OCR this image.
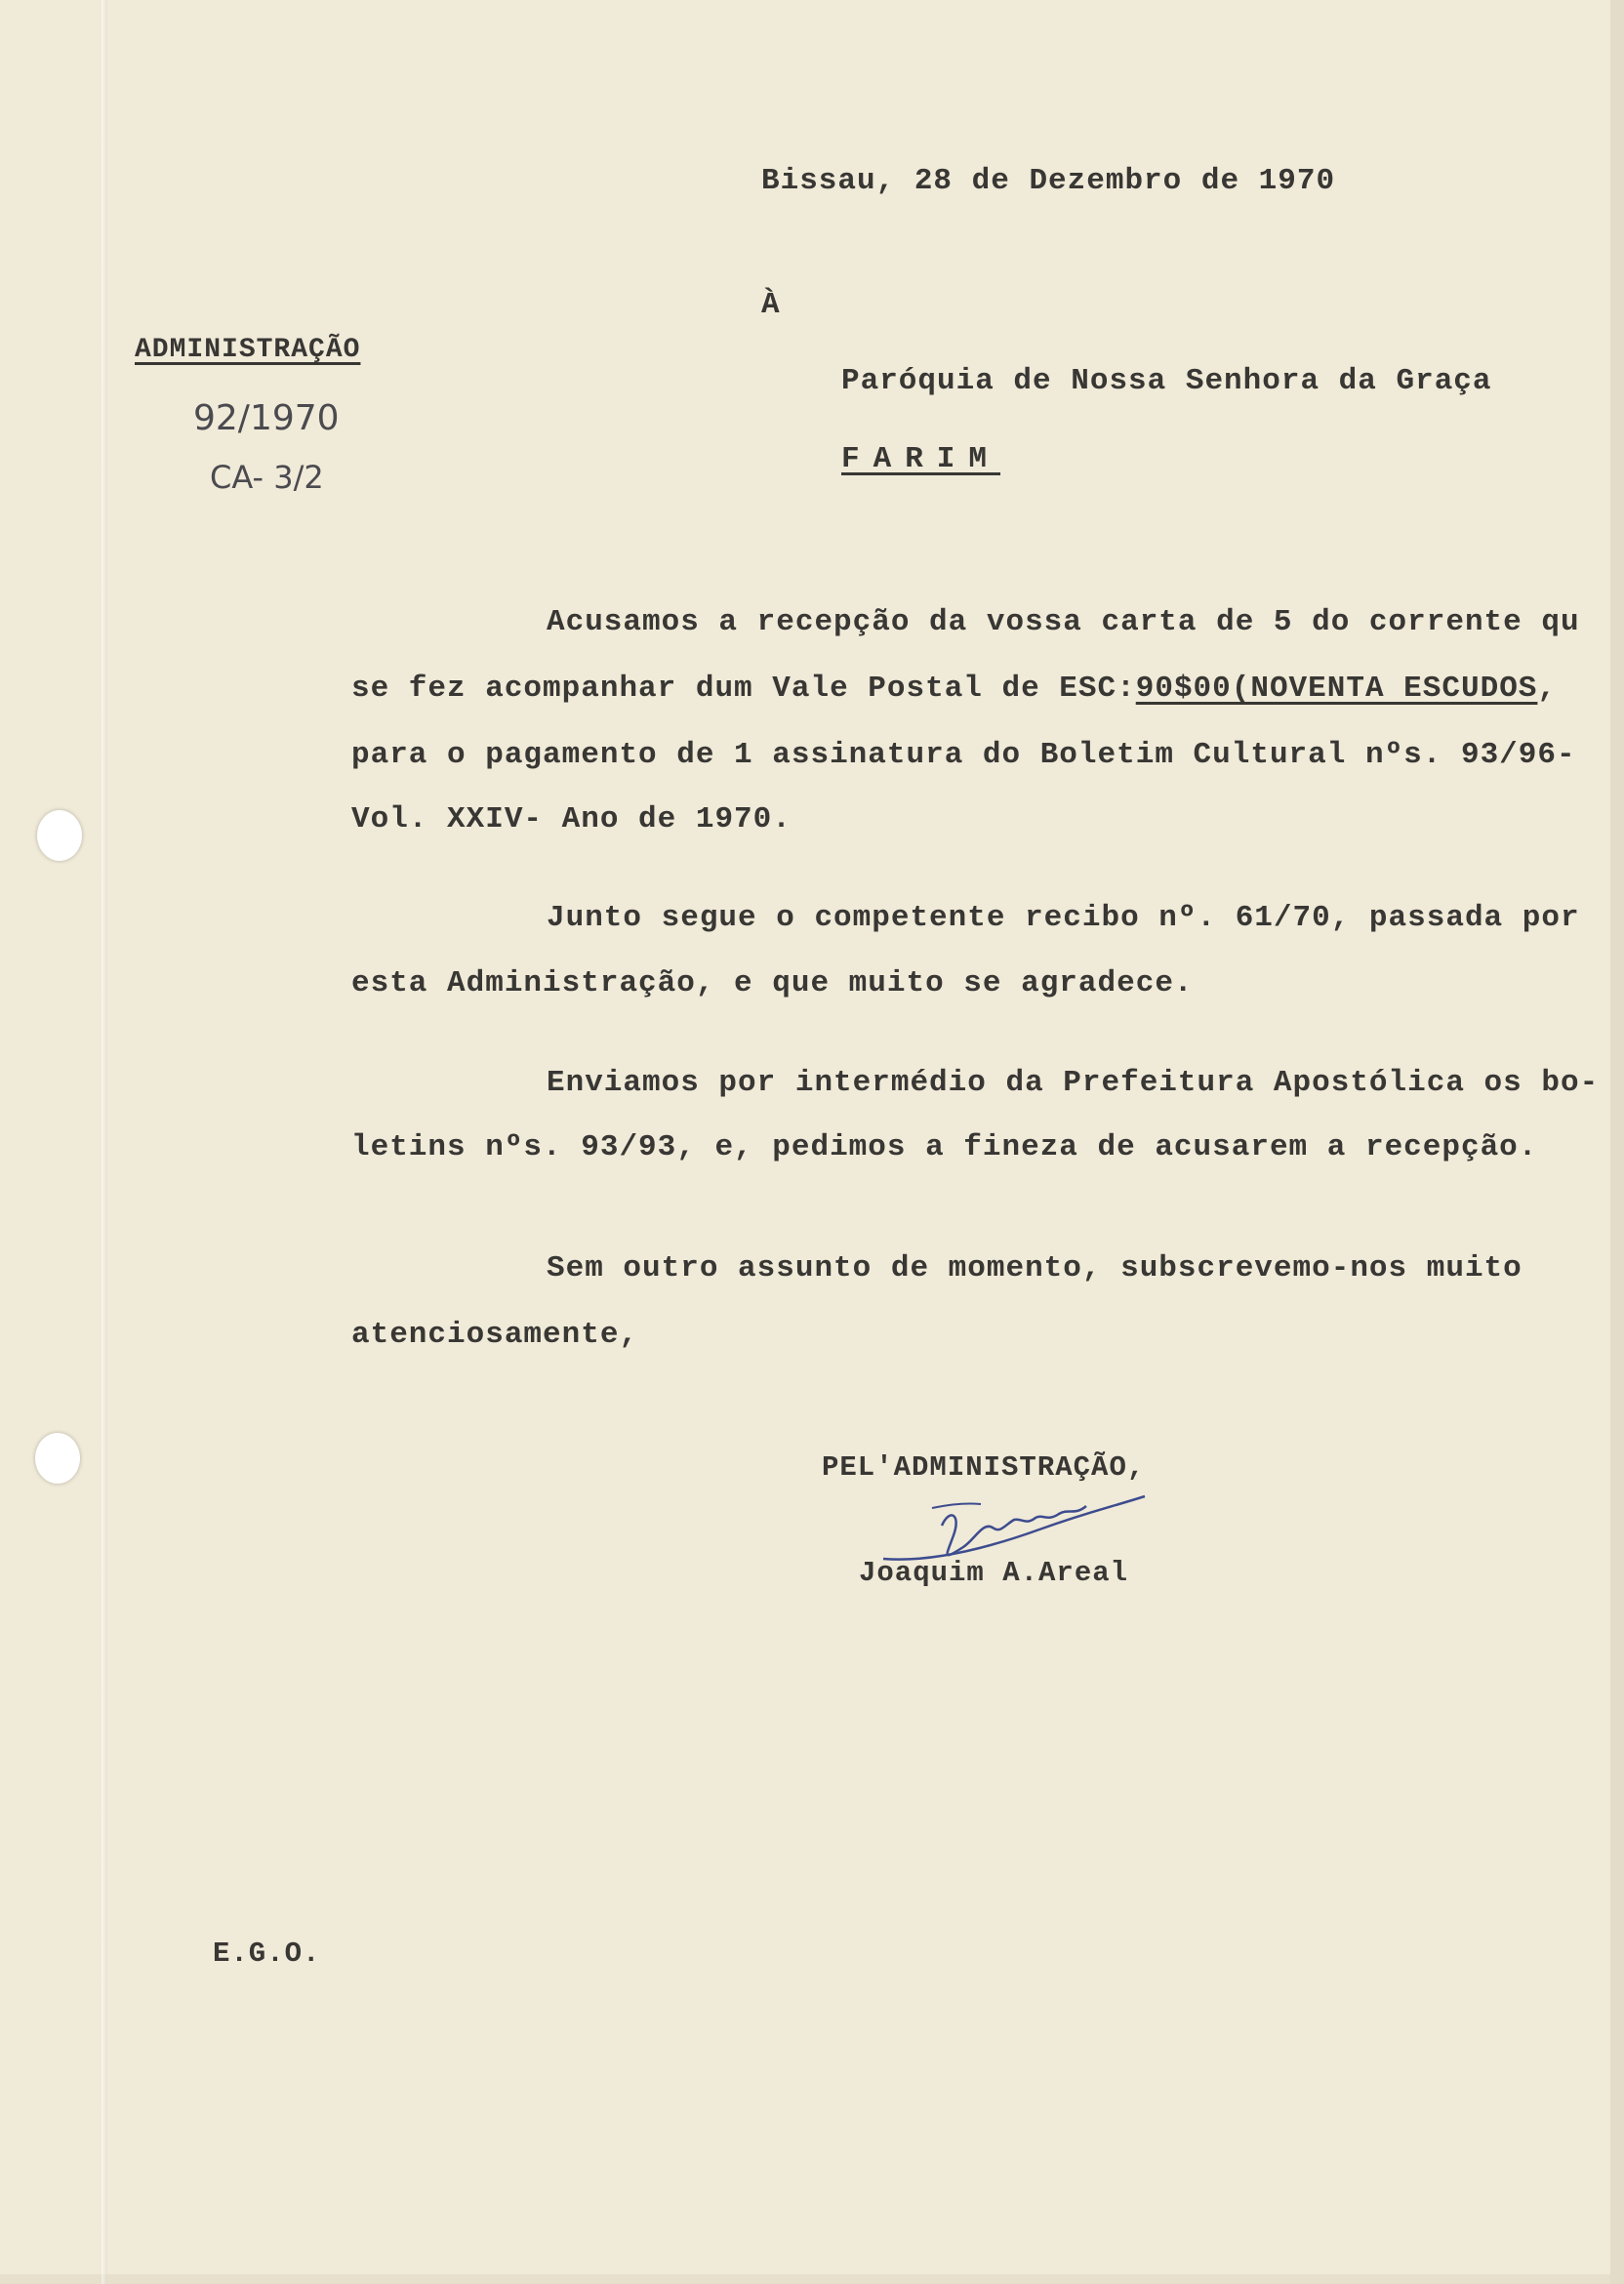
Bissau, 28 de Dezembro de 1970
ADMINISTRAÇÃO
92/1970
CA- 3/2
À
Paróquia de Nossa Senhora da Graça
FARIM
Acusamos a recepção da vossa carta de 5 do corrente qu
se fez acompanhar dum Vale Postal de ESC:90$00(NOVENTA ESCUDOS,
para o pagamento de 1 assinatura do Boletim Cultural nºs. 93/96-
Vol. XXIV- Ano de 1970.
Junto segue o competente recibo nº. 61/70, passada por
esta Administração, e que muito se agradece.
Enviamos por intermédio da Prefeitura Apostólica os bo-
letins nºs. 93/93, e, pedimos a fineza de acusarem a recepção.
Sem outro assunto de momento, subscrevemo-nos muito
atenciosamente,
PEL'ADMINISTRAÇÃO,
Joaquim A.Areal
E.G.O.
